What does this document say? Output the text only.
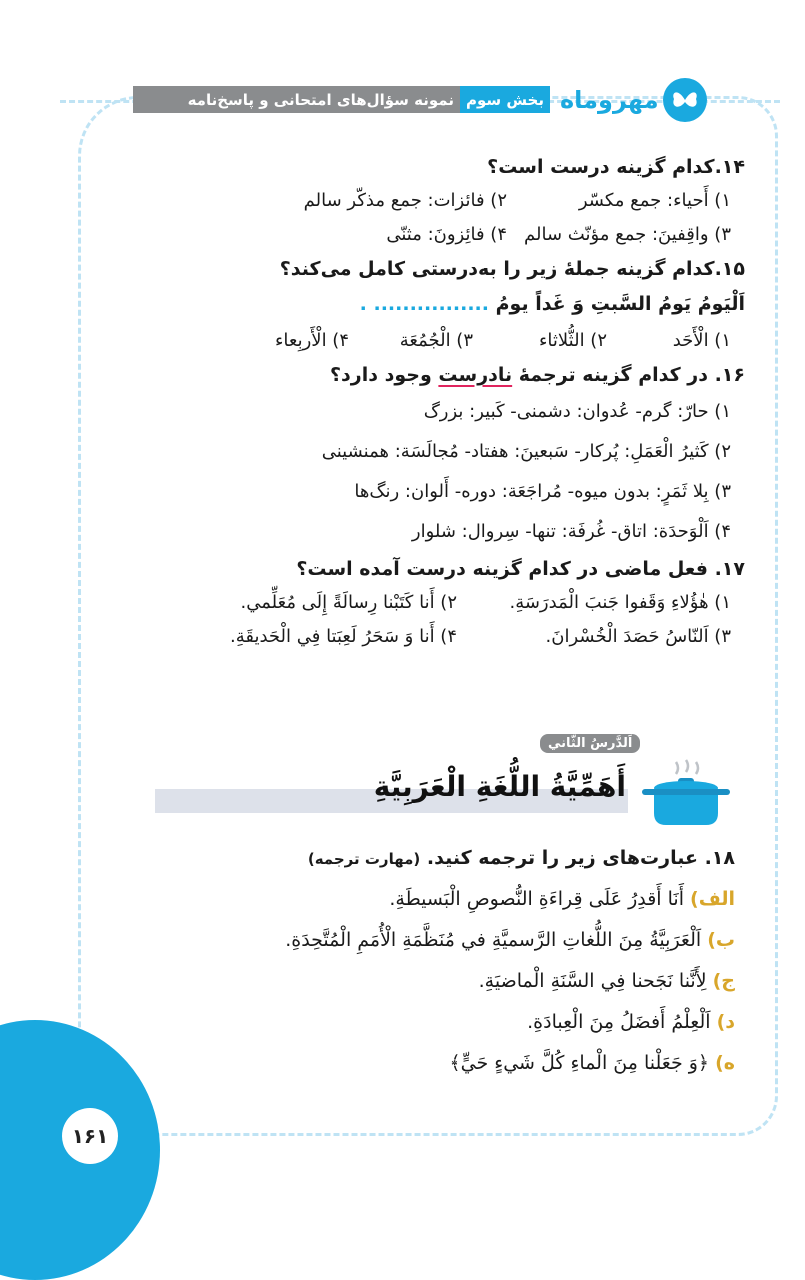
مهروماه
بخش سوم
نمونه سؤال‌های امتحانی و پاسخ‌نامه

۱۴.کدام گزینه درست است؟

۱) أَحياء: جمع مکسّر
۲) فائزات: جمع مذکّر سالم
۳) واقِفينَ: جمع مؤنّث سالم
۴) فائِزونَ: مثنّی

۱۵.کدام گزینه جملۀ زیر را به‌درستی کامل می‌کند؟

اَلْيَومُ يَومُ السَّبتِ وَ غَداً يومُ ................ .
۱) الْأَحَد
۲) الثُّلاثاء
۳) الْجُمُعَة
۴) الْأَربِعاء

۱۶. در کدام گزینه ترجمۀ نادرست وجود دارد؟

۱) حارّ: گرم- عُدوان: دشمنی- کَبير: بزرگ
۲) کَثيرُ الْعَمَلِ: پُرکار- سَبعينَ: هفتاد- مُجالَسَة: همنشينی
۳) بِلا ثَمَرٍ: بدون ميوه- مُراجَعَة: دوره- أَلوان: رنگ‌ها
۴) اَلْوَحدَة: اتاق- غُرفَة: تنها- سِروال: شلوار

۱۷. فعل ماضی در کدام گزينه درست آمده است؟

۱) هٰؤُلاءِ وَقَفوا جَنبَ الْمَدرَسَةِ.
۲) أَنا کَتَبْنا رِسالَةً إِلَی مُعَلِّمي.
۳) اَلنّاسُ حَصَدَ الْخُسْرانَ.
۴) أَنا وَ سَحَرُ لَعِبَتا فِي الْحَديقَةِ.
اَلدَّرسُ الثّاني
أَهَمِّيَّةُ اللُّغَةِ الْعَرَبِيَّةِ
۱۸. عبارت‌های زیر را ترجمه کنيد. (مهارت ترجمه)
الف) أَنَا أَقدِرُ عَلَی قِراءَةِ النُّصوصِ الْبَسيطَةِ.
ب) اَلْعَرَبِيَّةُ مِنَ اللُّغاتِ الرَّسميَّةِ في مُنَظَّمَةِ الْأُمَمِ الْمُتَّحِدَةِ.
ج) لِأَنَّنا نَجَحنا فِي السَّنَةِ الْماضيَةِ.
د) اَلْعِلْمُ أَفضَلُ مِنَ الْعِبادَةِ.
ه) ﴿وَ جَعَلْنا مِنَ الْماءِ کُلَّ شَيءٍ حَيٍّ﴾
۱۶۱
